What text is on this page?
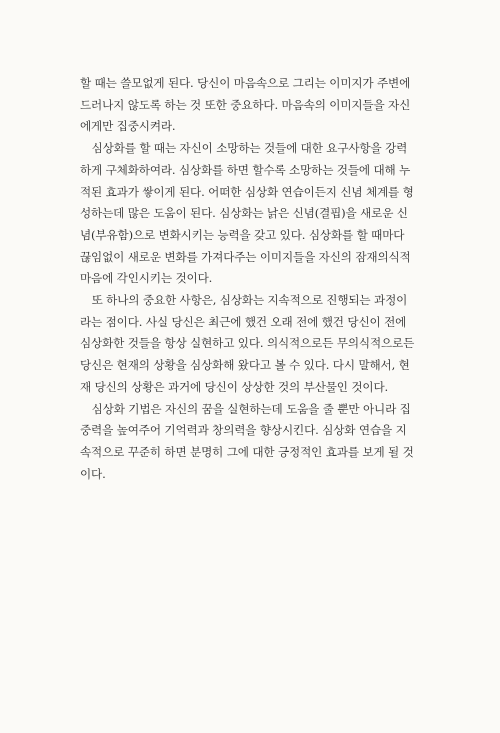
할 때는 쓸모없게 된다. 당신이 마음속으로 그리는 이미지가 주변에
드러나지 않도록 하는 것 또한 중요하다. 마음속의 이미지들을 자신
에게만 집중시켜라.

심상화를 할 때는 자신이 소망하는 것들에 대한 요구사항을 강력
하게 구체화하여라. 심상화를 하면 할수록 소망하는 것들에 대해 누
적된 효과가 쌓이게 된다. 어떠한 심상화 연습이든지 신념 체계를 형
성하는데 많은 도움이 된다. 심상화는 낡은 신념(결핍)을 새로운 신
념(부유함)으로 변화시키는 능력을 갖고 있다. 심상화를 할 때마다
끊임없이 새로운 변화를 가져다주는 이미지들을 자신의 잠재의식적
마음에 각인시키는 것이다.

또 하나의 중요한 사항은, 심상화는 지속적으로 진행되는 과정이
라는 점이다. 사실 당신은 최근에 했건 오래 전에 했건 당신이 전에
심상화한 것들을 항상 실현하고 있다. 의식적으로든 무의식적으로든
당신은 현재의 상황을 심상화해 왔다고 볼 수 있다. 다시 말해서, 현
재 당신의 상황은 과거에 당신이 상상한 것의 부산물인 것이다.

심상화 기법은 자신의 꿈을 실현하는데 도움을 줄 뿐만 아니라 집
중력을 높여주어 기억력과 창의력을 향상시킨다. 심상화 연습을 지
속적으로 꾸준히 하면 분명히 그에 대한 긍정적인 효과를 보게 될 것
이다.
